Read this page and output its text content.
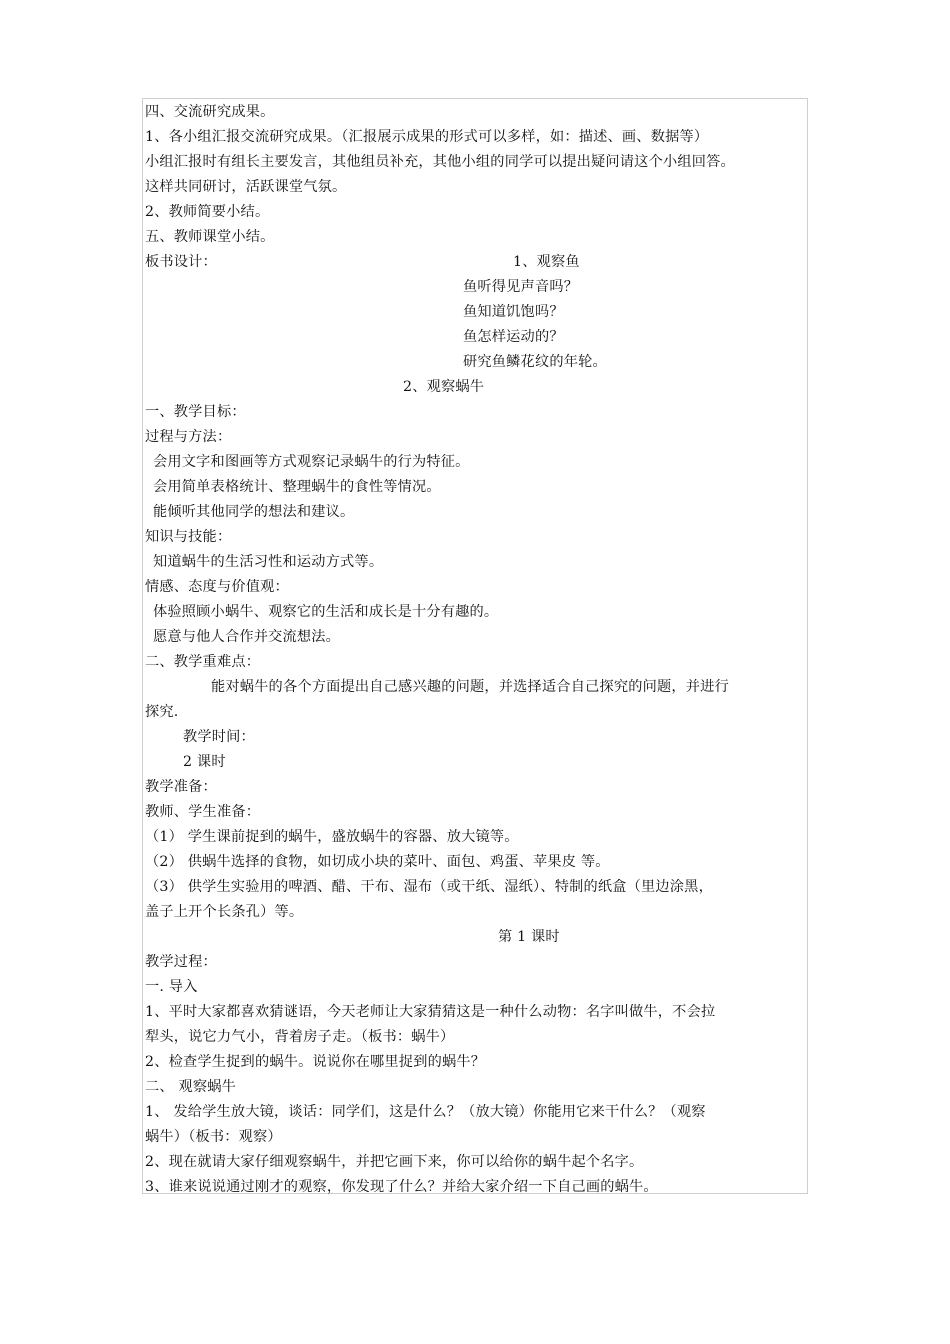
四、交流研究成果。
1、各小组汇报交流研究成果。（汇报展示成果的形式可以多样，如：描述、画、数据等）
小组汇报时有组长主要发言，其他组员补充，其他小组的同学可以提出疑问请这个小组回答。
这样共同研讨，活跃课堂气氛。
2、教师简要小结。
五、教师课堂小结。
板书设计：	1、观察鱼
鱼听得见声音吗？
鱼知道饥饱吗？
鱼怎样运动的？
研究鱼鳞花纹的年轮。
2、观察蜗牛
一、教学目标：
过程与方法：
会用文字和图画等方式观察记录蜗牛的行为特征。
会用简单表格统计、整理蜗牛的食性等情况。
能倾听其他同学的想法和建议。
知识与技能：
知道蜗牛的生活习性和运动方式等。
情感、态度与价值观：
体验照顾小蜗牛、观察它的生活和成长是十分有趣的。
愿意与他人合作并交流想法。
二、教学重难点：
能对蜗牛的各个方面提出自己感兴趣的问题，并选择适合自己探究的问题，并进行
探究.
教学时间：
2 课时
教学准备：
教师、学生准备：
（1） 学生课前捉到的蜗牛，盛放蜗牛的容器、放大镜等。
（2） 供蜗牛选择的食物，如切成小块的菜叶、面包、鸡蛋、苹果皮 等。
（3） 供学生实验用的啤酒、醋、干布、湿布（或干纸、湿纸）、特制的纸盒（里边涂黑，
盖子上开个长条孔）等。
第 1 课时
教学过程：
一. 导入
1、平时大家都喜欢猜谜语，今天老师让大家猜猜这是一种什么动物：名字叫做牛，不会拉
犁头，说它力气小，背着房子走。（板书：蜗牛）
2、检查学生捉到的蜗牛。说说你在哪里捉到的蜗牛？
二、 观察蜗牛
1、 发给学生放大镜，谈话：同学们，这是什么？（放大镜）你能用它来干什么？（观察
蜗牛）（板书：观察）
2、现在就请大家仔细观察蜗牛，并把它画下来，你可以给你的蜗牛起个名字。
3、谁来说说通过刚才的观察，你发现了什么？并给大家介绍一下自己画的蜗牛。
